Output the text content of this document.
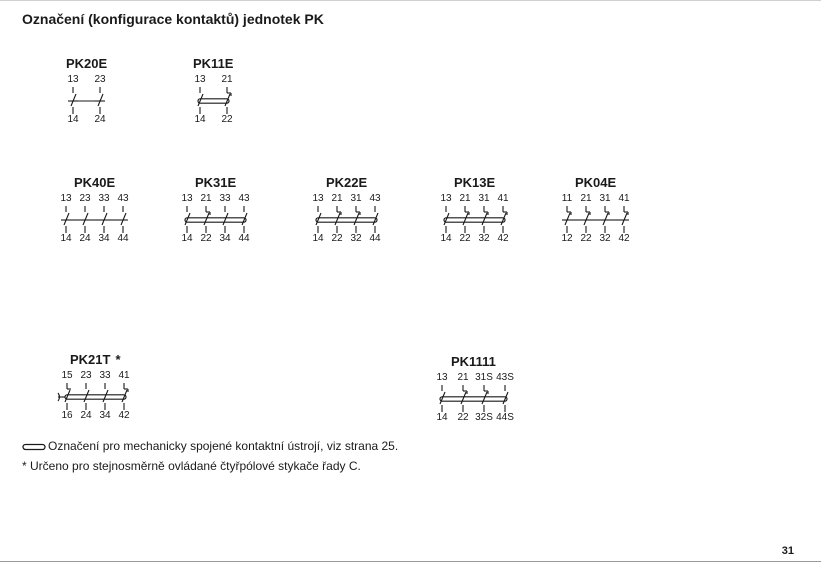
Označení (konfigurace kontaktů) jednotek PK
PK20E
13	23
14	24
PK11E
13	21
14	22
PK40E
13 23 33 43
14 24 34 44
PK31E
13 21 33 43
14 22 34 44
PK22E
13 21 31 43
14 22 32 44
PK13E
13 21 31 41
14 22 32 42
PK04E
11 21 31 41
12 22 32 42
PK21T *
15 23 33 41
16 24 34 42
PK1111
13 21 31S 43S
14 22 32S 44S
Označení pro mechanicky spojené kontaktní ústrojí, viz strana 25.
* Určeno pro stejnosměrně ovládané čtyřpólové stykače řady C.
31
